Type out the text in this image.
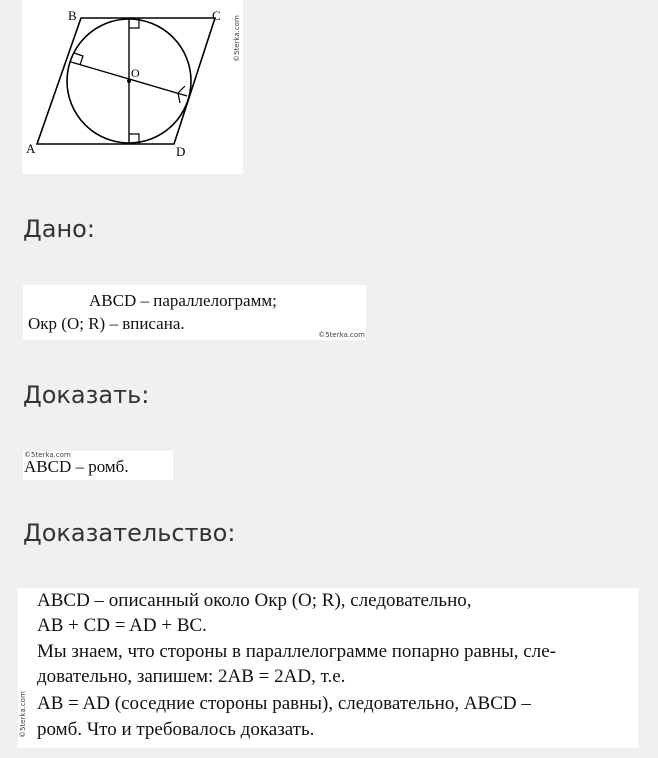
B	C
O
A	D
©5terka.com
Дано:
ABCD – параллелограмм;
Окр (O; R) – вписана.
©5terka.com
Доказать:
©5terka.com
ABCD – ромб.
Доказательство:
ABCD – описанный около Окр (O; R), следовательно,
AB + CD = AD + BC.
Мы знаем, что стороны в параллелограмме попарно равны, сле-
довательно, запишем: 2AB = 2AD, т.е.
AB = AD (соседние стороны равны), следовательно, ABCD –
ромб. Что и требовалось доказать.
©5terka.com
